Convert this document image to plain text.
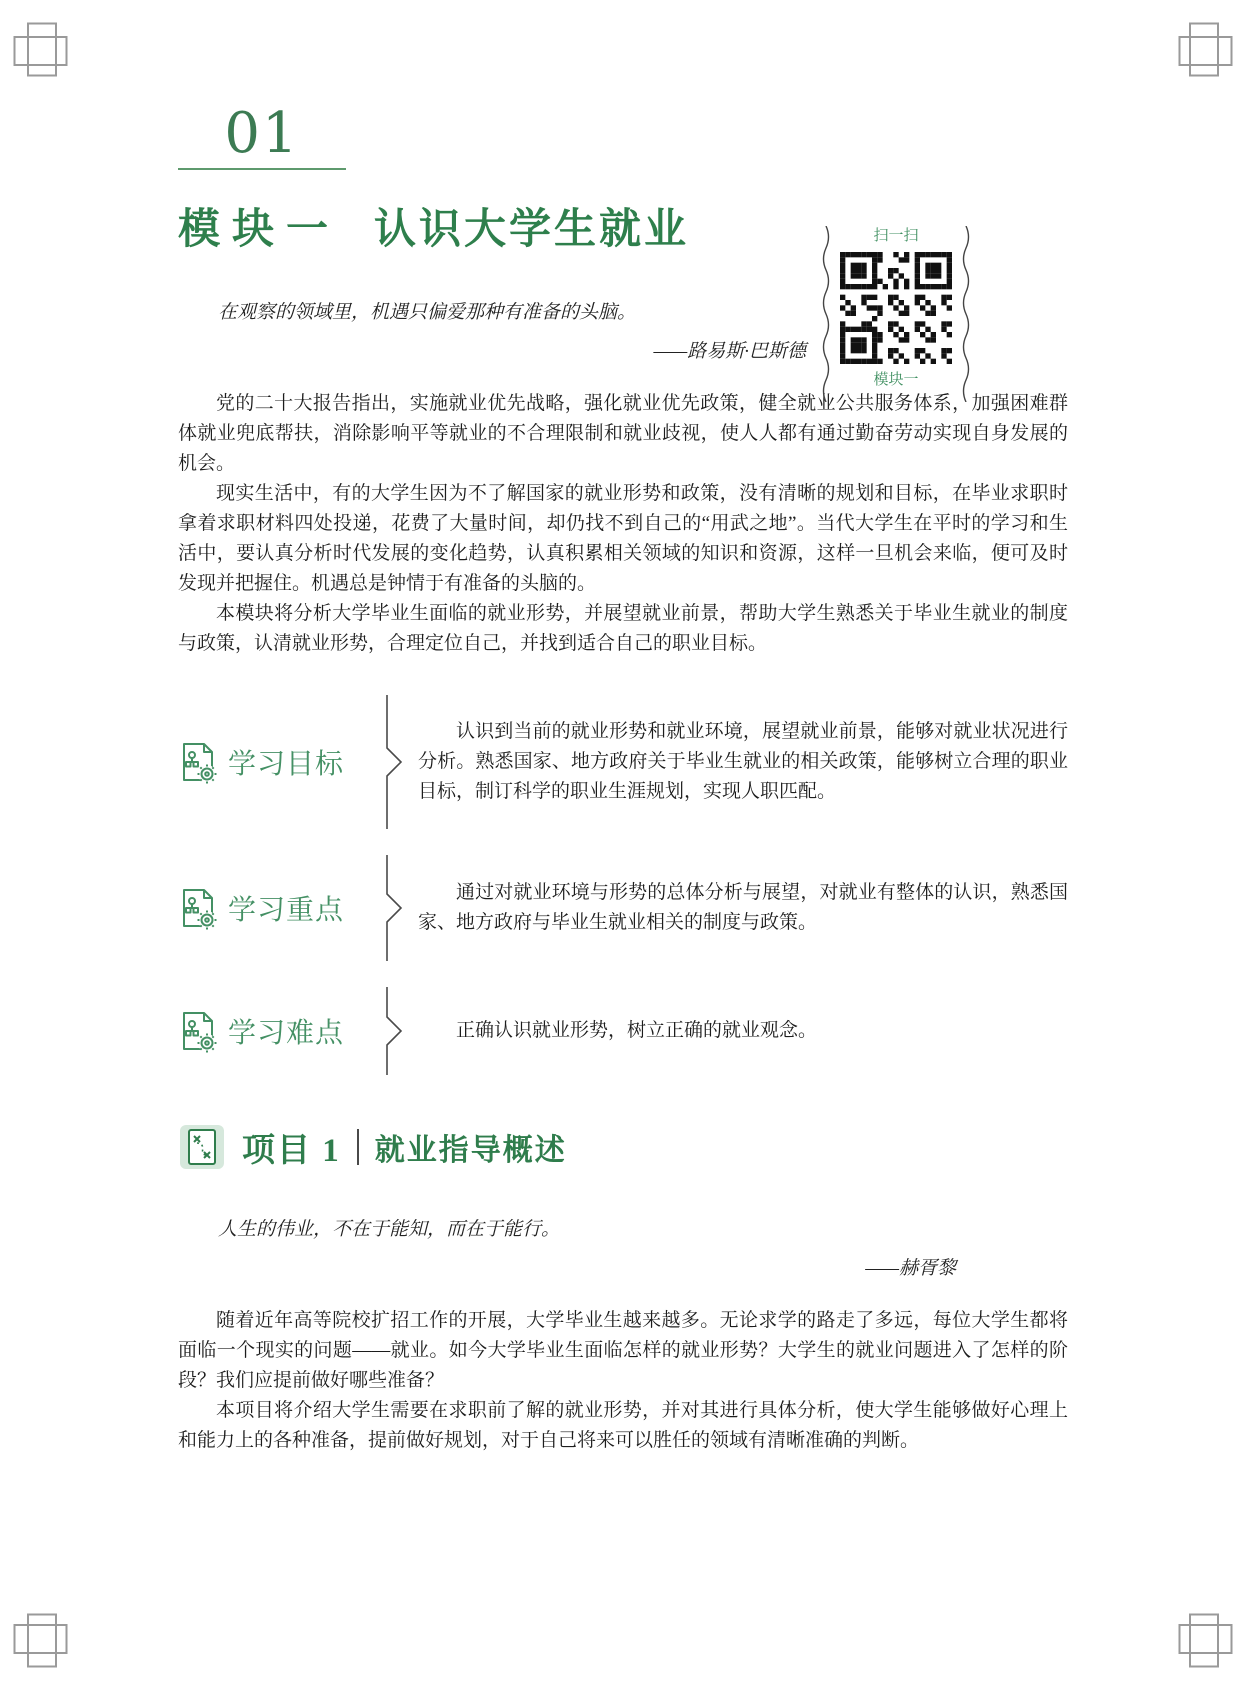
扫一扫
模块一
01
模块一 认识大学生就业
在观察的领域里，机遇只偏爱那种有准备的头脑。
——路易斯·巴斯德

党的二十大报告指出，实施就业优先战略，强化就业优先政策，健全就业公共服务体系，加强困难群体就业兜底帮扶，消除影响平等就业的不合理限制和就业歧视，使人人都有通过勤奋劳动实现自身发展的机会。

现实生活中，有的大学生因为不了解国家的就业形势和政策，没有清晰的规划和目标，在毕业求职时拿着求职材料四处投递，花费了大量时间，却仍找不到自己的“用武之地”。当代大学生在平时的学习和生活中，要认真分析时代发展的变化趋势，认真积累相关领域的知识和资源，这样一旦机会来临，便可及时发现并把握住。机遇总是钟情于有准备的头脑的。

本模块将分析大学毕业生面临的就业形势，并展望就业前景，帮助大学生熟悉关于毕业生就业的制度与政策，认清就业形势，合理定位自己，并找到适合自己的职业目标。

学习目标
认识到当前的就业形势和就业环境，展望就业前景，能够对就业状况进行分析。熟悉国家、地方政府关于毕业生就业的相关政策，能够树立合理的职业目标，制订科学的职业生涯规划，实现人职匹配。
学习重点
通过对就业环境与形势的总体分析与展望，对就业有整体的认识，熟悉国家、地方政府与毕业生就业相关的制度与政策。
学习难点	正确认识就业形势，树立正确的就业观念。
项目 1 就业指导概述
人生的伟业，不在于能知，而在于能行。
——赫胥黎

随着近年高等院校扩招工作的开展，大学毕业生越来越多。无论求学的路走了多远，每位大学生都将面临一个现实的问题——就业。如今大学毕业生面临怎样的就业形势？大学生的就业问题进入了怎样的阶段？我们应提前做好哪些准备？

本项目将介绍大学生需要在求职前了解的就业形势，并对其进行具体分析，使大学生能够做好心理上和能力上的各种准备，提前做好规划，对于自己将来可以胜任的领域有清晰准确的判断。
